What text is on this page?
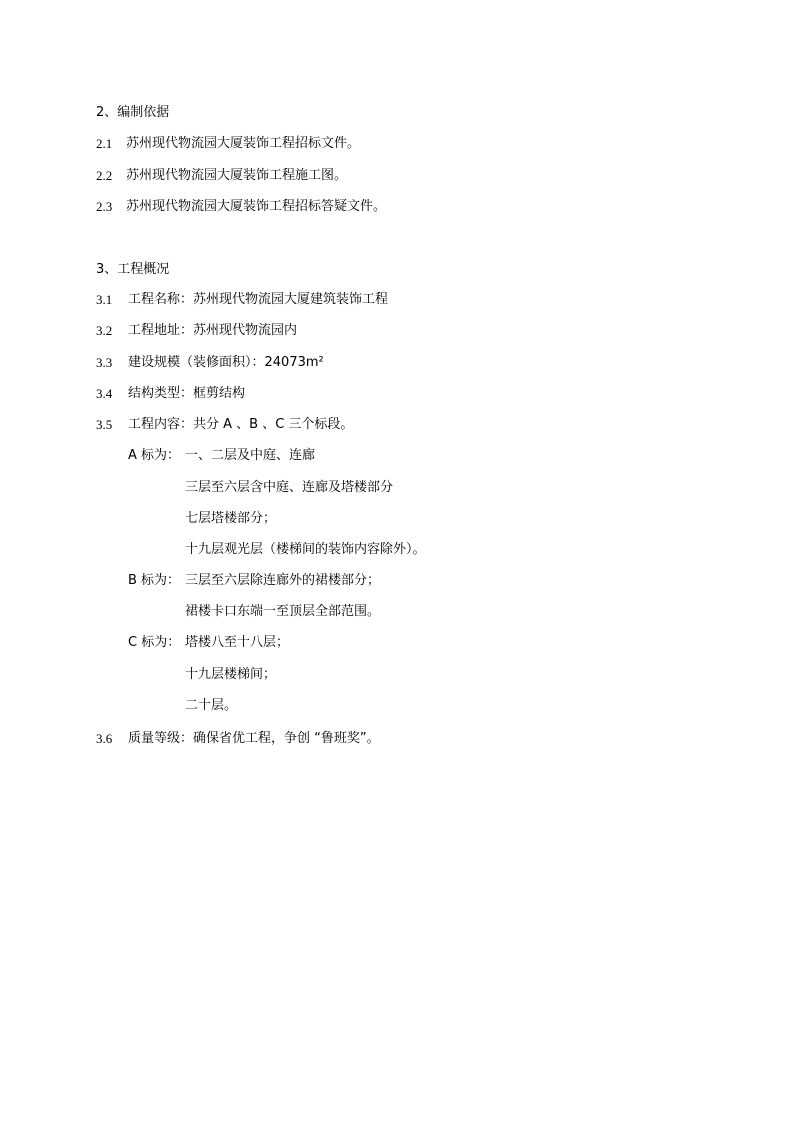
2、编制依据
2.1 苏州现代物流园大厦装饰工程招标文件。
2.2 苏州现代物流园大厦装饰工程施工图。
2.3 苏州现代物流园大厦装饰工程招标答疑文件。
3、工程概况
3.1 工程名称：苏州现代物流园大厦建筑装饰工程
3.2 工程地址：苏州现代物流园内
3.3 建设规模（装修面积）：24073m²
3.4 结构类型：框剪结构
3.5 工程内容：共分 A 、B 、C 三个标段。
A 标为： 一、二层及中庭、连廊
三层至六层含中庭、连廊及塔楼部分
七层塔楼部分；
十九层观光层（楼梯间的装饰内容除外）。
B 标为： 三层至六层除连廊外的裙楼部分；
裙楼卡口东端一至顶层全部范围。
C 标为： 塔楼八至十八层；
十九层楼梯间；
二十层。
3.6 质量等级：确保省优工程，争创 “鲁班奖”。
